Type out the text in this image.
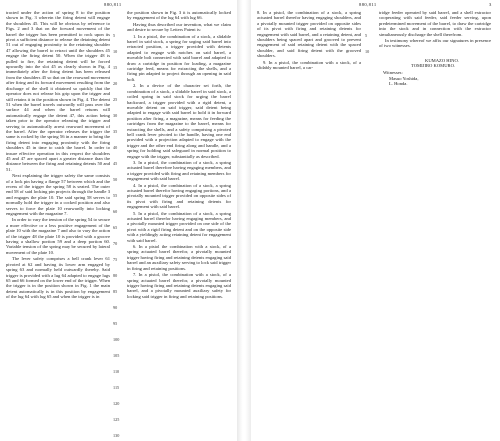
880,811

tracted under the action of spring 8 to the position shown in Fig. 3 wherein the firing detent will engage the shoulders 45. This will be obvious by reference to Figs. 2 and 3 that on the forward movement of the barrel the trigger has been permitted to rock upon its pivot a sufficient distance to release the detaining detent 51 out of engaging proximity to the retaining shoulder 47 allowing the barrel to retract until the shoulders 45 engage the firing detent 50. When the trigger 48 is pulled to fire, the retaining detent will be forced upwardly into the slot 45 as clearly shown in Fig. 4 immediately after the firing detent has been released from the shoulders 45 so that on the rearward movement after firing and its forward movement resulting from the discharge of the shell it obtained so quickly that the operator does not release his grip upon the trigger and still retains it in the position shown in Fig. 4. The detent 51 when the barrel travels outwardly will pass over the surface 44 and when the barrel returns will automatically engage the detent 47, this action being taken prior to the operator releasing the trigger and serving to automatically arrest rearward movement of the barrel. After the operator releases the trigger the same is rocked by the spring 56 in a manner to bring the firing detent into engaging proximity with the firing shoulders 45 in time to catch the barrel. In order to insure effective operation in this respect the shoulders 45 and 47 are spaced apart a greater distance than the distance between the firing and retaining detents 50 and 51.

Next explaining the trigger safety the same consists of a lock pin having a flange 57 between which and the recess of the trigger the spring 58 is seated. The outer end 58 of said locking pin projects through the handle 3 and engages the plate 10. The said spring 58 serves to normally hold the trigger in a cocked position and also serves to force the plate 10 rearwardly into locking engagement with the magazine 7.

In order to vary the tension of the spring 54 to secure a more effective or a less positive engagement of the plate 10 with the magazine 7 and also to vary the action of the trigger 48 the plate 10 is provided with a groove having a shallow portion 59 and a deep portion 60. Variable tension of the spring may be secured by lateral movement of the plate 10.

The lever safety comprises a bell crank lever 61 pivoted at 62 and having its lower arm engaged by spring 63 and normally held outwardly thereby. Said trigger is provided with a lug 64 adapted to engage lugs 65 and 66 formed on the lower end of the trigger. When the trigger is in the position shown in Fig. 1 the main detent automatically is in this position by engagement of the lug 64 with lug 65 and when the trigger is in

5
10
15
20
25
30
35
40
45
50
55
60
65
70
75
80
85
90
95
100
105
110
115
120
125
130

the position shown in Fig. 3 it is automatically locked by engagement of the lug 64 with lug 66.

Having thus described our invention, what we claim and desire to secure by Letters Patent is:

1. In a pistol, the combination of a stock, a slidable barrel in said stock, a spring for urging said barrel into retracted position, a trigger provided with detents adapted to engage with notches on said barrel, a movable bolt connected with said barrel and adapted to draw a cartridge in position for loading, a magazine cartridge feed, means for extracting the shells, and a firing pin adapted to project through an opening in said bolt.

2. In a device of the character set forth, the combination of a stock, a slidable barrel in said stock, a coiled spring in said stock for urging the barrel backward, a trigger provided with a rigid detent, a movable detent on said trigger, said detent being adapted to engage with said barrel to hold it in forward position after firing, a magazine, means for feeding the cartridges from the magazine to the barrel, means for extracting the shells, and a safety comprising a pivoted bell crank lever pivoted to the handle, having one end provided with a projection adapted to engage with the trigger and the other end firing along and handle, and a spring for holding said safeguard in normal position to engage with the trigger, substantially as described.

3. In a pistol, the combination of a stock, a spring actuated barrel therefore having engaging members, and a trigger provided with firing and retaining members for engagement with said barrel.

4. In a pistol, the combination of a stock, a spring actuated barrel therefor having engaging portions, and a pivotally mounted trigger provided on opposite sides of its pivot with firing and retaining detents for engagement with said barrel.

5. In a pistol, the combination of a stock, a spring actuated barrel therefor having engaging members, and a pivotally mounted trigger provided on one side of the pivot with a rigid firing detent and on the opposite side with a yieldingly acting retaining detent for engagement with said barrel.

6. In a pistol the combination with a stock, of a spring actuated barrel therefor, a pivotally mounted trigger having firing and retaining detents engaging said barrel and an auxiliary safety serving to lock said trigger in firing and retaining positions.

7. In a pistol, the combination with a stock, of a spring actuated barrel therefor, a pivotally mounted trigger having firing and retaining detents engaging said barrel, and a pivotally mounted auxiliary safety for locking said trigger in firing and retaining positions.

880,811	3

8. In a pistol, the combination of a stock, a spring actuated barrel therefor having engaging shoulders, and a pivotally mounted trigger provided on opposite sides of its pivot with firing and retaining detents for engagement with said barrel, and a retaining detent, and shoulders being spaced apart and grooved to prevent engagement of said retaining detent with the spaced shoulder, and said firing detent with the grooved shoulders.

9. In a pistol, the combination with a stock, of a slidably mounted barrel, a car-

5
10

tridge feeder operated by said barrel, and a shell extractor cooperating with said feeder, said feeder serving, upon predetermined movement of the barrel, to draw the cartridge into the stock and in connection with the extractor simultaneously discharge the shell therefrom.

In testimony whereof we affix our signatures in presence of two witnesses.

KUMAZO HINO.
TOMIJIRO KOMURO.
Witnesses:
Masuo Yoshida,
L. Honda.
